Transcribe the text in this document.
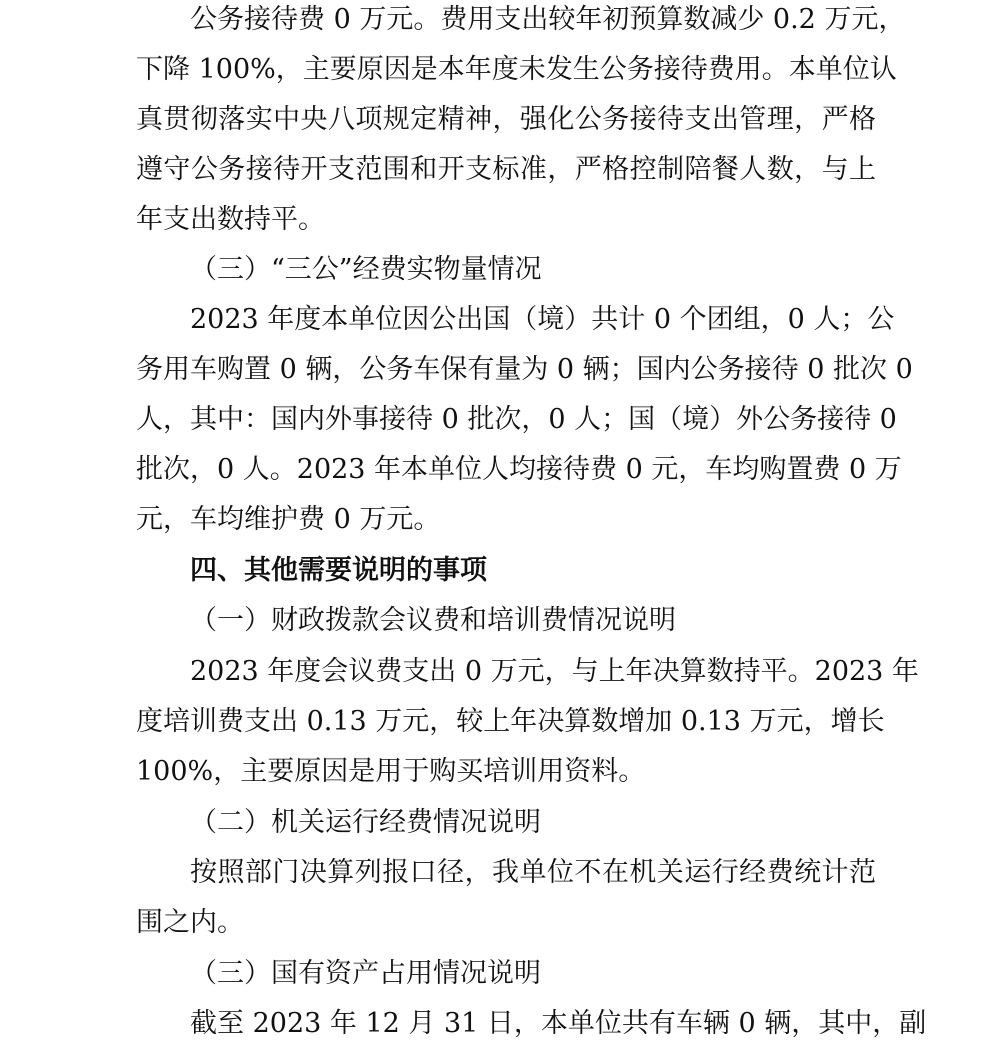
公务接待费 0 万元。费用支出较年初预算数减少 0.2 万元，
下降 100%，主要原因是本年度未发生公务接待费用。本单位认
真贯彻落实中央八项规定精神，强化公务接待支出管理，严格
遵守公务接待开支范围和开支标准，严格控制陪餐人数，与上
年支出数持平。
（三）“三公”经费实物量情况
2023 年度本单位因公出国（境）共计 0 个团组，0 人；公
务用车购置 0 辆，公务车保有量为 0 辆；国内公务接待 0 批次 0
人，其中：国内外事接待 0 批次，0 人；国（境）外公务接待 0
批次，0 人。2023 年本单位人均接待费 0 元，车均购置费 0 万
元，车均维护费 0 万元。
四、其他需要说明的事项
（一）财政拨款会议费和培训费情况说明
2023 年度会议费支出 0 万元，与上年决算数持平。2023 年
度培训费支出 0.13 万元，较上年决算数增加 0.13 万元，增长
100%，主要原因是用于购买培训用资料。
（二）机关运行经费情况说明
按照部门决算列报口径，我单位不在机关运行经费统计范
围之内。
（三）国有资产占用情况说明
截至 2023 年 12 月 31 日，本单位共有车辆 0 辆，其中，副
